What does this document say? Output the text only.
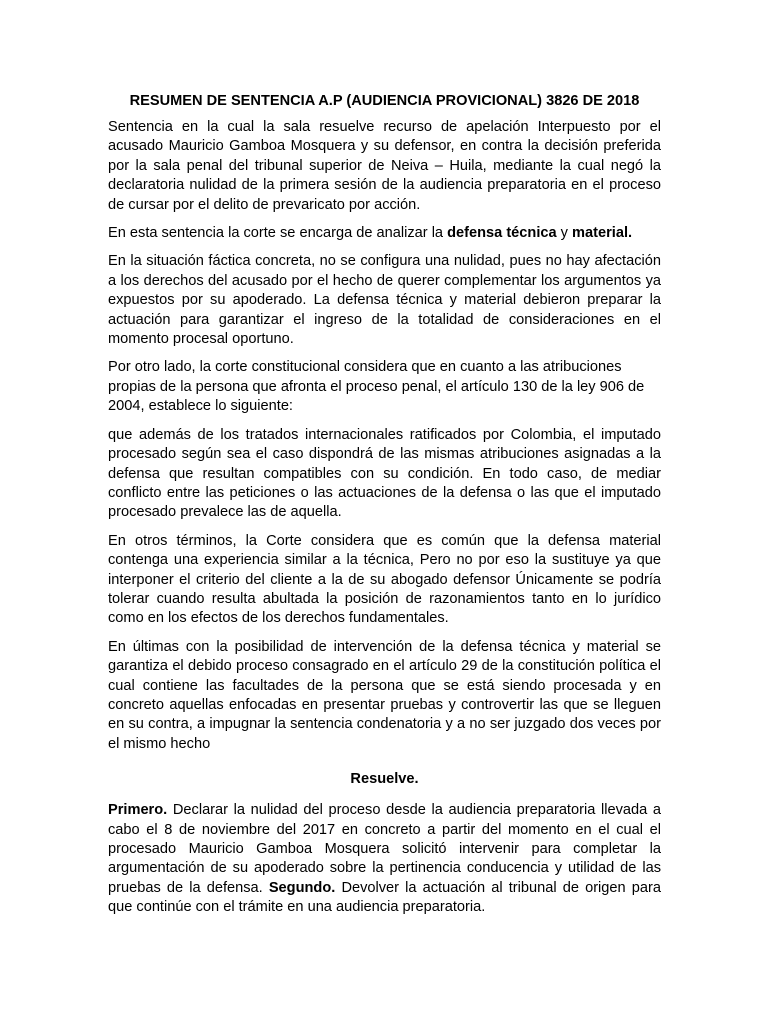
RESUMEN DE SENTENCIA A.P (AUDIENCIA PROVICIONAL) 3826 DE 2018

Sentencia en la cual la sala resuelve recurso de apelación Interpuesto por el acusado Mauricio Gamboa Mosquera y su defensor, en contra la decisión preferida por la sala penal del tribunal superior de Neiva – Huila, mediante la cual negó la declaratoria nulidad de la primera sesión de la audiencia preparatoria en el proceso de cursar por el delito de prevaricato por acción.

En esta sentencia la corte se encarga de analizar la defensa técnica y material.

En la situación fáctica concreta, no se configura una nulidad, pues no hay afectación a los derechos del acusado por el hecho de querer complementar los argumentos ya expuestos por su apoderado. La defensa técnica y material debieron preparar la actuación para garantizar el ingreso de la totalidad de consideraciones en el momento procesal oportuno.

Por otro lado, la corte constitucional considera que en cuanto a las atribuciones propias de la persona que afronta el proceso penal, el artículo 130 de la ley 906 de 2004, establece lo siguiente:

que además de los tratados internacionales ratificados por Colombia, el imputado procesado según sea el caso dispondrá de las mismas atribuciones asignadas a la defensa que resultan compatibles con su condición. En todo caso, de mediar conflicto entre las peticiones o las actuaciones de la defensa o las que el imputado procesado prevalece las de aquella.

En otros términos, la Corte considera que es común que la defensa material contenga una experiencia similar a la técnica, Pero no por eso la sustituye ya que interponer el criterio del cliente a la de su abogado defensor Únicamente se podría tolerar cuando resulta abultada la posición de razonamientos tanto en lo jurídico como en los efectos de los derechos fundamentales.

En últimas con la posibilidad de intervención de la defensa técnica y material se garantiza el debido proceso consagrado en el artículo 29 de la constitución política el cual contiene las facultades de la persona que se está siendo procesada y en concreto aquellas enfocadas en presentar pruebas y controvertir las que se lleguen en su contra, a impugnar la sentencia condenatoria y a no ser juzgado dos veces por el mismo hecho

Resuelve.

Primero. Declarar la nulidad del proceso desde la audiencia preparatoria llevada a cabo el 8 de noviembre del 2017 en concreto a partir del momento en el cual el procesado Mauricio Gamboa Mosquera solicitó intervenir para completar la argumentación de su apoderado sobre la pertinencia conducencia y utilidad de las pruebas de la defensa. Segundo. Devolver la actuación al tribunal de origen para que continúe con el trámite en una audiencia preparatoria.
